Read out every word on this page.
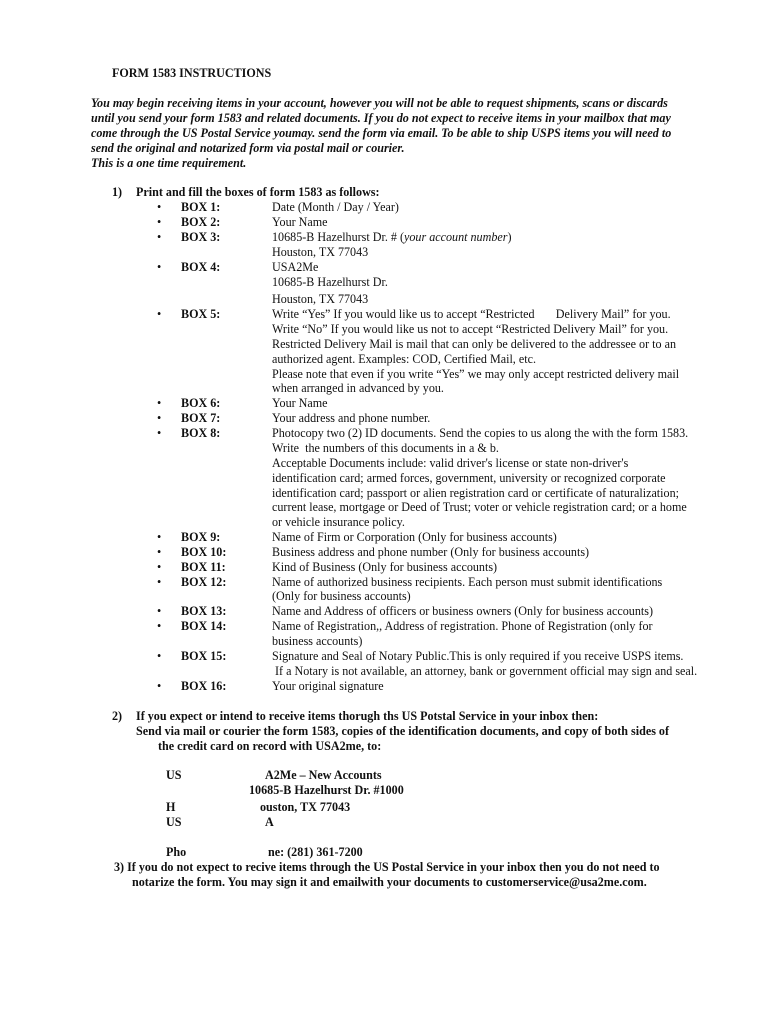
FORM 1583 INSTRUCTIONS
You may begin receiving items in your account, however you will not be able to request shipments, scans or discards
until you send your form 1583 and related documents. If you do not expect to receive items in your mailbox that may
come through the US Postal Service youmay. send the form via email. To be able to ship USPS items you will need to
send the original and notarized form via postal mail or courier.
This is a one time requirement.
1) Print and fill the boxes of form 1583 as follows:
• BOX 1:	Date (Month / Day / Year)
• BOX 2:	Your Name
• BOX 3:	10685-B Hazelhurst Dr. # (your account number)
Houston, TX 77043
• BOX 4:	USA2Me
10685-B Hazelhurst Dr.
Houston, TX 77043
• BOX 5:	Write “Yes” If you would like us to accept “Restricted       Delivery Mail” for you.
Write “No” If you would like us not to accept “Restricted Delivery Mail” for you.
Restricted Delivery Mail is mail that can only be delivered to the addressee or to an
authorized agent. Examples: COD, Certified Mail, etc.
Please note that even if you write “Yes” we may only accept restricted delivery mail
when arranged in advanced by you.
• BOX 6:	Your Name
• BOX 7:	Your address and phone number.
• BOX 8:	Photocopy two (2) ID documents. Send the copies to us along the with the form 1583.
Write  the numbers of this documents in a & b.
Acceptable Documents include: valid driver's license or state non-driver's
identification card; armed forces, government, university or recognized corporate
identification card; passport or alien registration card or certificate of naturalization;
current lease, mortgage or Deed of Trust; voter or vehicle registration card; or a home
or vehicle insurance policy.
• BOX 9:	Name of Firm or Corporation (Only for business accounts)
• BOX 10:	Business address and phone number (Only for business accounts)
• BOX 11:	Kind of Business (Only for business accounts)
• BOX 12:	Name of authorized business recipients. Each person must submit identifications
(Only for business accounts)
• BOX 13:	Name and Address of officers or business owners (Only for business accounts)
• BOX 14:	Name of Registration,, Address of registration. Phone of Registration (only for
business accounts)
• BOX 15:	Signature and Seal of Notary Public.This is only required if you receive USPS items.
If a Notary is not available, an attorney, bank or government official may sign and seal.
• BOX 16:	Your original signature
2) If you expect or intend to receive items thorugh ths US Potstal Service in your inbox then:
Send via mail or courier the form 1583, copies of the identification documents, and copy of both sides of
the credit card on record with USA2me, to:
US	A2Me – New Accounts
10685-B Hazelhurst Dr. #1000
H	ouston, TX 77043
US	A
Pho	ne: (281) 361-7200
3) If you do not expect to recive items through the US Postal Service in your inbox then you do not need to
notarize the form. You may sign it and emailwith your documents to customerservice@usa2me.com.
